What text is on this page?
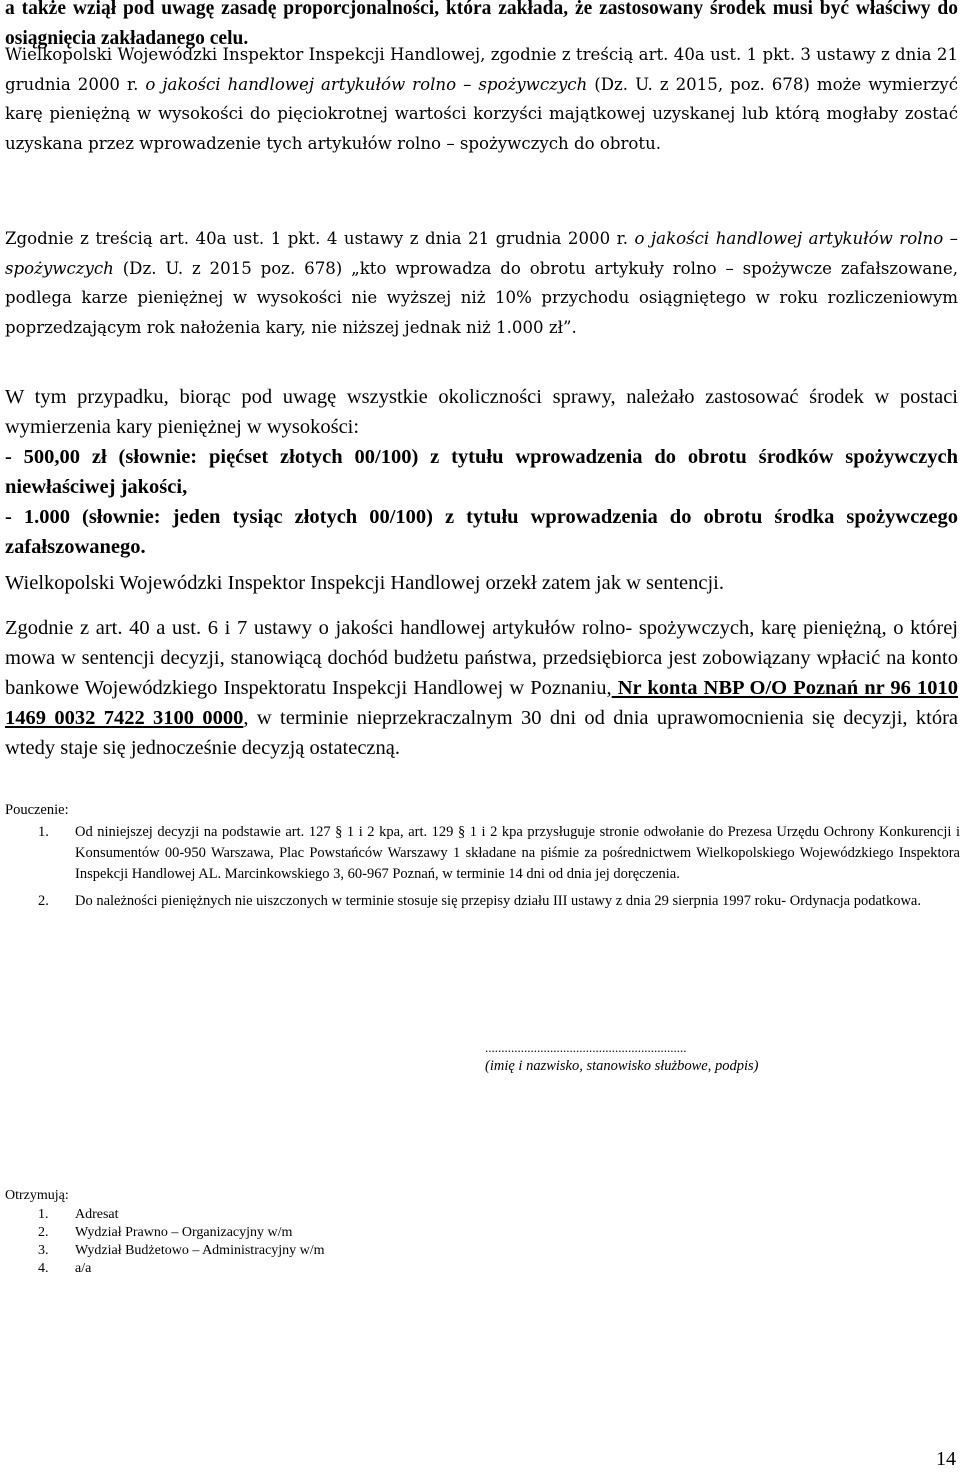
a także wziął pod uwagę zasadę proporcjonalności, która zakłada, że zastosowany środek musi być właściwy do osiągnięcia zakładanego celu.
Wielkopolski Wojewódzki Inspektor Inspekcji Handlowej, zgodnie z treścią art. 40a ust. 1 pkt. 3 ustawy z dnia 21 grudnia 2000 r. o jakości handlowej artykułów rolno – spożywczych (Dz. U. z 2015, poz. 678) może wymierzyć karę pieniężną w wysokości do pięciokrotnej wartości korzyści majątkowej uzyskanej lub którą mogłaby zostać uzyskana przez wprowadzenie tych artykułów rolno – spożywczych do obrotu.
Zgodnie z treścią art. 40a ust. 1 pkt. 4 ustawy z dnia 21 grudnia 2000 r. o jakości handlowej artykułów rolno – spożywczych (Dz. U. z 2015 poz. 678) „kto wprowadza do obrotu artykuły rolno – spożywcze zafałszowane, podlega karze pieniężnej w wysokości nie wyższej niż 10% przychodu osiągniętego w roku rozliczeniowym poprzedzającym rok nałożenia kary, nie niższej jednak niż 1.000 zł”.
W tym przypadku, biorąc pod uwagę wszystkie okoliczności sprawy, należało zastosować środek w postaci wymierzenia kary pieniężnej w wysokości:
- 500,00 zł (słownie: pięćset złotych 00/100) z tytułu wprowadzenia do obrotu środków spożywczych niewłaściwej jakości,
- 1.000 (słownie: jeden tysiąc złotych 00/100) z tytułu wprowadzenia do obrotu środka spożywczego zafałszowanego.
Wielkopolski Wojewódzki Inspektor Inspekcji Handlowej orzekł zatem jak w sentencji.
Zgodnie z art. 40 a ust. 6 i 7 ustawy o jakości handlowej artykułów rolno- spożywczych, karę pieniężną, o której mowa w sentencji decyzji, stanowiącą dochód budżetu państwa, przedsiębiorca jest zobowiązany wpłacić na konto bankowe Wojewódzkiego Inspektoratu Inspekcji Handlowej w Poznaniu, Nr konta NBP O/O Poznań nr 96 1010 1469 0032 7422 3100 0000, w terminie nieprzekraczalnym 30 dni od dnia uprawomocnienia się decyzji, która wtedy staje się jednocześnie decyzją ostateczną.
Pouczenie:
1. Od niniejszej decyzji na podstawie art. 127 § 1 i 2 kpa, art. 129 § 1 i 2 kpa przysługuje stronie odwołanie do Prezesa Urzędu Ochrony Konkurencji i Konsumentów 00-950 Warszawa, Plac Powstańców Warszawy 1 składane na piśmie za pośrednictwem Wielkopolskiego Wojewódzkiego Inspektora Inspekcji Handlowej AL. Marcinkowskiego 3, 60-967 Poznań, w terminie 14 dni od dnia jej doręczenia.
2. Do należności pieniężnych nie uiszczonych w terminie stosuje się przepisy działu III ustawy z dnia 29 sierpnia 1997 roku- Ordynacja podatkowa.
..............................................................
(imię i nazwisko, stanowisko służbowe, podpis)
Otrzymują:
1. Adresat
2. Wydział Prawno – Organizacyjny w/m
3. Wydział Budżetowo – Administracyjny w/m
4. a/a
14
